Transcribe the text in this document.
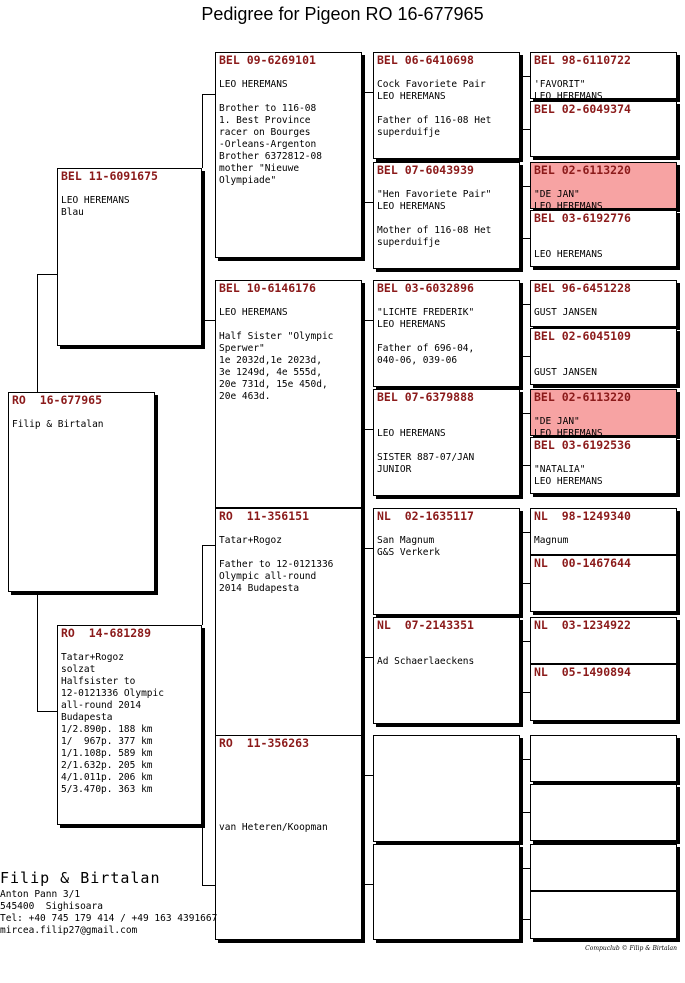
Pedigree for Pigeon RO 16-677965
RO  16-677965
Filip & Birtalan
BEL 11-6091675
LEO HEREMANS
Blau
RO  14-681289
Tatar+Rogoz
solzat
Halfsister to
12-0121336 Olympic
all-round 2014
Budapesta
1/2.890p. 188 km
1/  967p. 377 km
1/1.108p. 589 km
2/1.632p. 205 km
4/1.011p. 206 km
5/3.470p. 363 km
BEL 09-6269101
LEO HEREMANS
Brother to 116-08
1. Best Province
racer on Bourges
-Orleans-Argenton
Brother 6372812-08
mother "Nieuwe
Olympiade"
BEL 10-6146176
LEO HEREMANS
Half Sister "Olympic
Sperwer"
1e 2032d,1e 2023d,
3e 1249d, 4e 555d,
20e 731d, 15e 450d,
20e 463d.
RO  11-356151
Tatar+Rogoz
Father to 12-0121336
Olympic all-round
2014 Budapesta
RO  11-356263
van Heteren/Koopman
BEL 06-6410698
Cock Favoriete Pair
LEO HEREMANS
Father of 116-08 Het
superduifje
BEL 07-6043939
"Hen Favoriete Pair"
LEO HEREMANS
Mother of 116-08 Het
superduifje
BEL 03-6032896
"LICHTE FREDERIK"
LEO HEREMANS
Father of 696-04,
040-06, 039-06
BEL 07-6379888
LEO HEREMANS
SISTER 887-07/JAN
JUNIOR
NL  02-1635117
San Magnum
G&S Verkerk
NL  07-2143351
Ad Schaerlaeckens
BEL 98-6110722
'FAVORIT"
LEO HEREMANS
BEL 02-6049374
BEL 02-6113220
"DE JAN"
LEO HEREMANS
BEL 03-6192776
LEO HEREMANS
BEL 96-6451228
GUST JANSEN
BEL 02-6045109
GUST JANSEN
BEL 02-6113220
"DE JAN"
LEO HEREMANS
BEL 03-6192536
"NATALIA"
LEO HEREMANS
NL  98-1249340
Magnum
NL  00-1467644
NL  03-1234922
NL  05-1490894
Filip & Birtalan
Anton Pann 3/1
545400  Sighisoara
Tel: +40 745 179 414 / +49 163 4391667
mircea.filip27@gmail.com
Compuclub © Filip & Birtalan
